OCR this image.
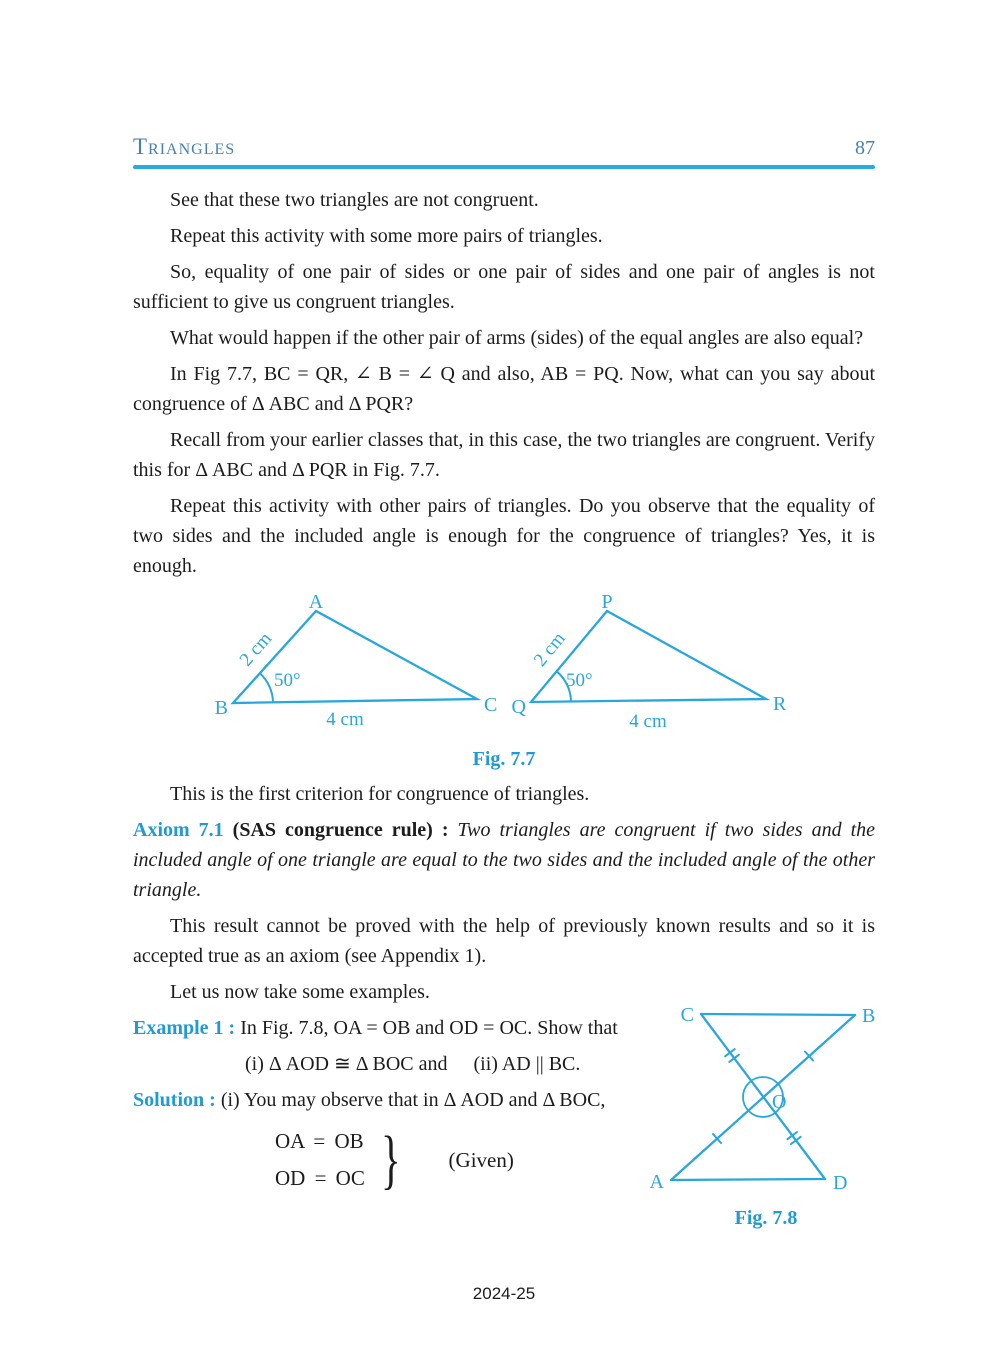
Triangles	87

See that these two triangles are not congruent.

Repeat this activity with some more pairs of triangles.

So, equality of one pair of sides or one pair of sides and one pair of angles is not sufficient to give us congruent triangles.

What would happen if the other pair of arms (sides) of the equal angles are also equal?

In Fig 7.7, BC = QR, ∠ B = ∠ Q and also, AB = PQ. Now, what can you say about congruence of Δ ABC and Δ PQR?

Recall from your earlier classes that, in this case, the two triangles are congruent. Verify this for Δ ABC and Δ PQR in Fig. 7.7.

Repeat this activity with other pairs of triangles. Do you observe that the equality of two sides and the included angle is enough for the congruence of triangles? Yes, it is enough.

A
B	C
2 cm
50°
4 cm
P
Q	R
2 cm
50°
4 cm
Fig. 7.7

This is the first criterion for congruence of triangles.

Axiom 7.1 (SAS congruence rule) : Two triangles are congruent if two sides and the included angle of one triangle are equal to the two sides and the included angle of the other triangle.

This result cannot be proved with the help of previously known results and so it is accepted true as an axiom (see Appendix 1).

Let us now take some examples.

Example 1 : In Fig. 7.8, OA = OB and OD = OC. Show that

(i) Δ AOD ≅ Δ BOC and (ii) AD || BC.

Solution : (i) You may observe that in Δ AOD and Δ BOC,

OA = OB
OD = OC } (Given)
C	B
O
A	D
Fig. 7.8
2024-25
